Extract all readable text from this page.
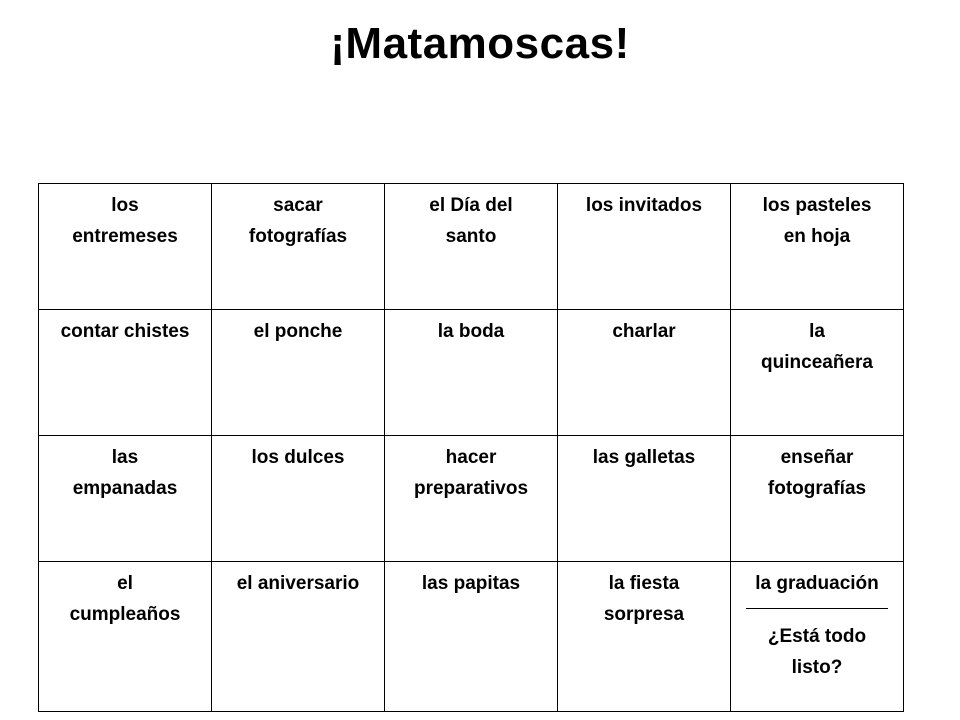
¡Matamoscas!
los
entremeses	sacar
fotografías	el Día del
santo	los invitados	los pasteles
en hoja

contar chistes	el ponche	la boda	charlar	la
quinceañera

las
empanadas	los dulces	hacer
preparativos	las galletas	enseñar
fotografías

el
cumpleaños	el aniversario	las papitas	la fiesta
sorpresa	la graduación
¿Está todo
listo?
